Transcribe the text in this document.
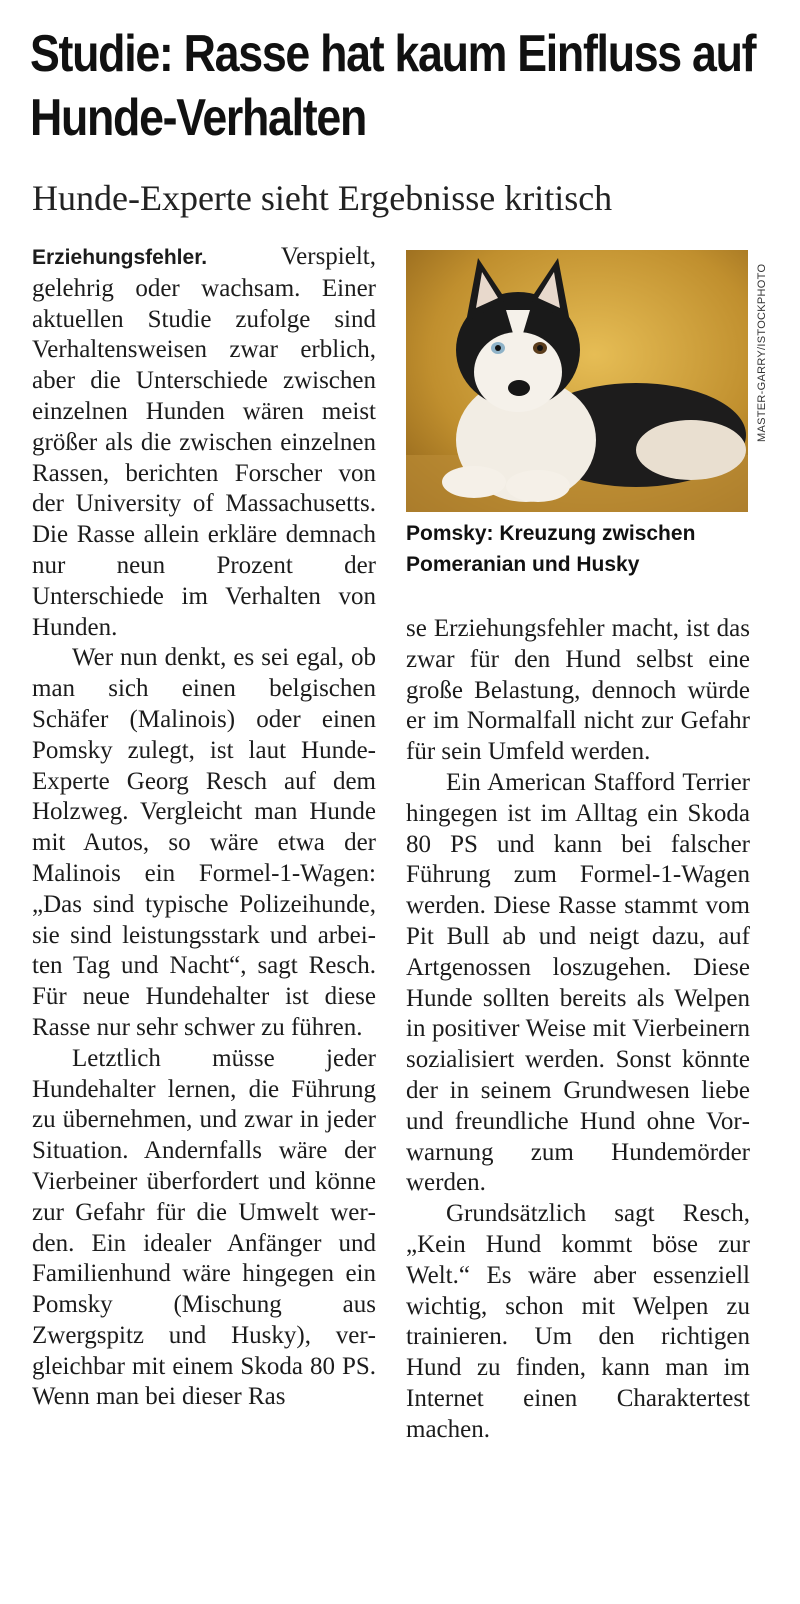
Studie: Rasse hat kaum Einfluss auf Hunde-Verhalten
Hunde-Experte sieht Ergebnisse kritisch

Erziehungsfehler.	Verspielt, gelehrig oder wachsam. Einer aktuellen Studie zufolge sind Verhaltensweisen zwar erblich, aber die Unterschiede zwischen einzelnen Hunden wären meist größer als die zwischen einzelnen Rassen, berichten Forscher von der University of Massachusetts. Die Rasse allein erkläre demnach nur neun Prozent der Unterschiede im Verhalten von Hunden.

Wer nun denkt, es sei egal, ob man sich einen belgischen Schäfer (Malinois) oder einen Pomsky zulegt, ist laut Hunde-Experte Georg Resch auf dem Holzweg. Vergleicht man Hunde mit Autos, so wäre etwa der Malinois ein Formel-1-Wagen: „Das sind typische Polizeihunde, sie sind leistungsstark und arbeiten Tag und Nacht“, sagt Resch. Für neue Hundehalter ist diese Rasse nur sehr schwer zu führen.

Letztlich müsse jeder Hundehalter lernen, die Führung zu übernehmen, und zwar in jeder Situation. Andernfalls wäre der Vierbeiner überfordert und könne zur Gefahr für die Umwelt werden. Ein idealer Anfänger und Familienhund wäre hingegen ein Pomsky (Mischung aus Zwergspitz und Husky), vergleichbar mit einem Skoda 80 PS. Wenn man bei dieser Ras

MASTER-GARRY/ISTOCKPHOTO

Pomsky: Kreuzung zwischen Pomeranian und Husky

se Erziehungsfehler macht, ist das zwar für den Hund selbst eine große Belastung, dennoch würde er im Normalfall nicht zur Gefahr für sein Umfeld werden.

Ein American Stafford Terrier hingegen ist im Alltag ein Skoda 80 PS und kann bei falscher Führung zum Formel-1-Wagen werden. Diese Rasse stammt vom Pit Bull ab und neigt dazu, auf Artgenossen loszugehen. Diese Hunde sollten bereits als Welpen in positiver Weise mit Vierbeinern sozialisiert werden. Sonst könnte der in seinem Grundwesen liebe und freundliche Hund ohne Vorwarnung zum Hundemörder werden.

Grundsätzlich sagt Resch, „Kein Hund kommt böse zur Welt.“ Es wäre aber essenziell wichtig, schon mit Welpen zu trainieren. Um den richtigen Hund zu finden, kann man im Internet einen Charaktertest machen.
